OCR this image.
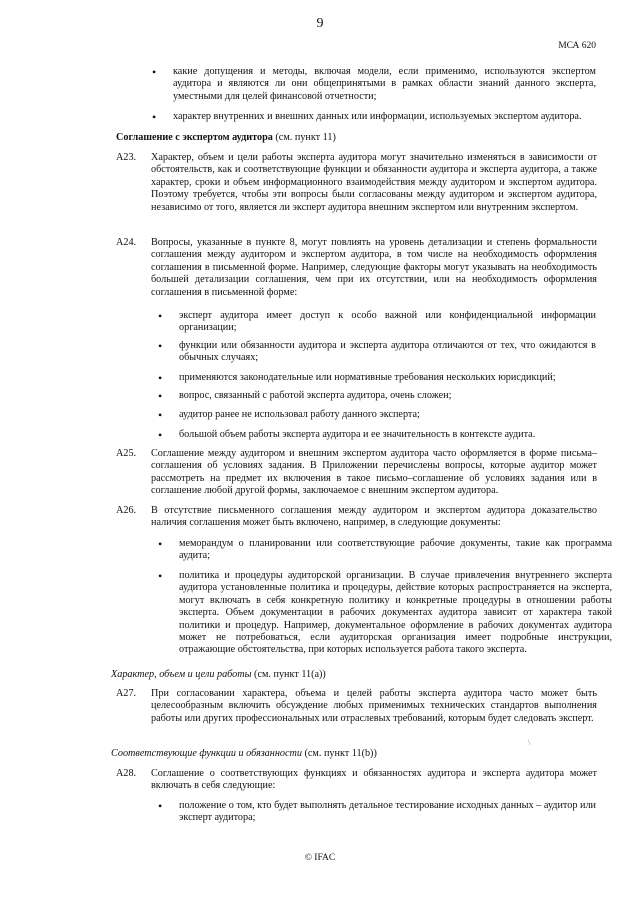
9
МСА 620
• какие допущения и методы, включая модели, если применимо, используются экспертом аудитора и являются ли они общепринятыми в рамках области знаний данного эксперта, уместными для целей финансовой отчетности;
• характер внутренних и внешних данных или информации, используемых экспертом аудитора.
Соглашение с экспертом аудитора (см. пункт 11)
A23.	Характер, объем и цели работы эксперта аудитора могут значительно изменяться в зависимости от обстоятельств, как и соответствующие функции и обязанности аудитора и эксперта аудитора, а также характер, сроки и объем информационного взаимодействия между аудитором и экспертом аудитора. Поэтому требуется, чтобы эти вопросы были согласованы между аудитором и экспертом аудитора, независимо от того, является ли эксперт аудитора внешним экспертом или внутренним экспертом.
A24.	Вопросы, указанные в пункте 8, могут повлиять на уровень детализации и степень формальности соглашения между аудитором и экспертом аудитора, в том числе на необходимость оформления соглашения в письменной форме. Например, следующие факторы могут указывать на необходимость большей детализации соглашения, чем при их отсутствии, или на необходимость оформления соглашения в письменной форме:
• эксперт аудитора имеет доступ к особо важной или конфиденциальной информации организации;
• функции или обязанности аудитора и эксперта аудитора отличаются от тех, что ожидаются в обычных случаях;
• применяются законодательные или нормативные требования нескольких юрисдикций;
• вопрос, связанный с работой эксперта аудитора, очень сложен;
• аудитор ранее не использовал работу данного эксперта;
• большой объем работы эксперта аудитора и ее значительность в контексте аудита.
A25.	Соглашение между аудитором и внешним экспертом аудитора часто оформляется в форме письма–соглашения об условиях задания. В Приложении перечислены вопросы, которые аудитор может рассмотреть на предмет их включения в такое письмо–соглашение об условиях задания или в соглашение любой другой формы, заключаемое с внешним экспертом аудитора.
A26.	В отсутствие письменного соглашения между аудитором и экспертом аудитора доказательство наличия соглашения может быть включено, например, в следующие документы:
• меморандум о планировании или соответствующие рабочие документы, такие как программа аудита;
• политика и процедуры аудиторской организации. В случае привлечения внутреннего эксперта аудитора установленные политика и процедуры, действие которых распространяется на эксперта, могут включать в себя конкретную политику и конкретные процедуры в отношении работы эксперта. Объем документации в рабочих документах аудитора зависит от характера такой политики и процедур. Например, документальное оформление в рабочих документах аудитора может не потребоваться, если аудиторская организация имеет подробные инструкции, отражающие обстоятельства, при которых используется работа такого эксперта.
Характер, объем и цели работы (см. пункт 11(a))
A27.	При согласовании характера, объема и целей работы эксперта аудитора часто может быть целесообразным включить обсуждение любых применимых технических стандартов выполнения работы или других профессиональных или отраслевых требований, которым будет следовать эксперт.
\
Соответствующие функции и обязанности (см. пункт 11(b))
A28.	Соглашение о соответствующих функциях и обязанностях аудитора и эксперта аудитора может включать в себя следующие:
• положение о том, кто будет выполнять детальное тестирование исходных данных – аудитор или эксперт аудитора;
© IFAC
